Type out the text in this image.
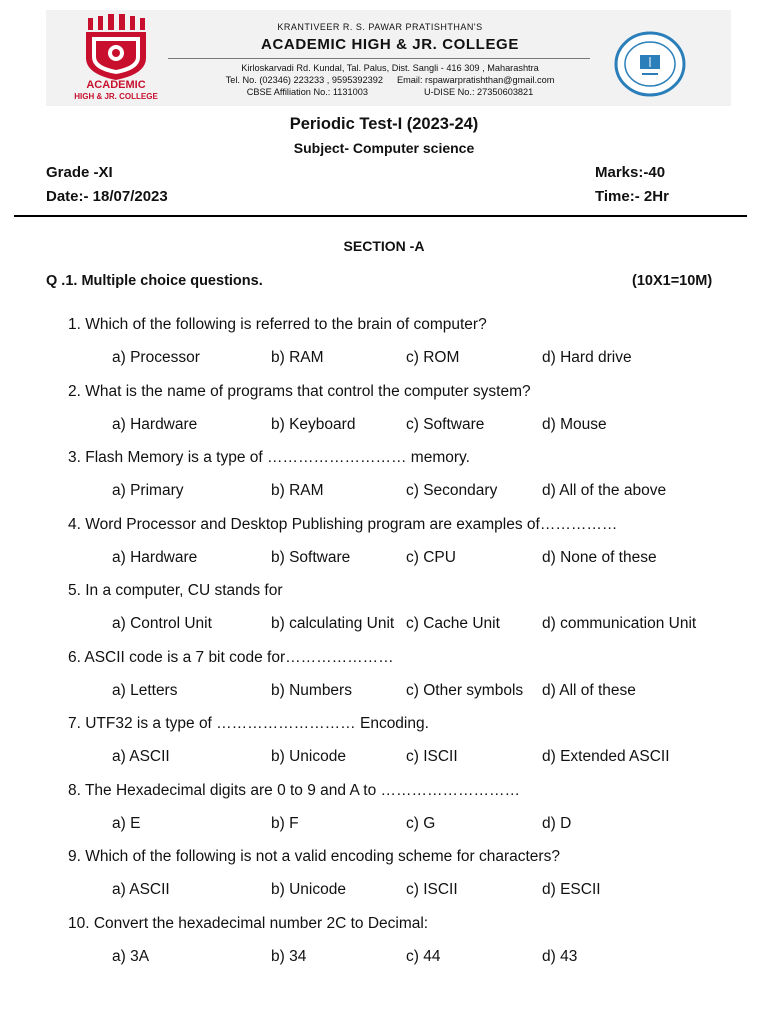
ACADEMIC
HIGH & JR. COLLEGE
KRANTIVEER R. S. PAWAR PRATISHTHAN'S
ACADEMIC HIGH & JR. COLLEGE
Kirloskarvadi Rd. Kundal, Tal. Palus, Dist. Sangli - 416 309 , Maharashtra
Tel. No. (02346) 223233 , 9595392392 Email: rspawarpratishthan@gmail.com
CBSE Affiliation No.: 1131003	U-DISE No.: 27350603821
Periodic Test-I (2023-24)
Subject- Computer science
Grade -XI
Date:- 18/07/2023
Marks:-40
Time:- 2Hr
SECTION -A
Q .1. Multiple choice questions.	(10X1=10M)
1. Which of the following is referred to the brain of computer?
a) Processor	b) RAM	c) ROM	d) Hard drive
2. What is the name of programs that control the computer system?
a) Hardware	b) Keyboard	c) Software	d) Mouse
3. Flash Memory is a type of ……………………… memory.
a) Primary	b) RAM	c) Secondary	d) All of the above
4. Word Processor and Desktop Publishing program are examples of……………
a) Hardware	b) Software	c) CPU	d) None of these
5. In a computer, CU stands for
a) Control Unit	b) calculating Unit c) Cache Unit	d) communication Unit
6. ASCII code is a 7 bit code for…………………
a) Letters	b) Numbers	c) Other symbols d) All of these
7. UTF32 is a type of ……………………… Encoding.
a) ASCII	b) Unicode	c) ISCII	d) Extended ASCII
8. The Hexadecimal digits are 0 to 9 and A to ………………………
a) E	b) F	c) G	d) D
9. Which of the following is not a valid encoding scheme for characters?
a) ASCII	b) Unicode	c) ISCII	d) ESCII
10. Convert the hexadecimal number 2C to Decimal:
a) 3A	b) 34	c) 44	d) 43
